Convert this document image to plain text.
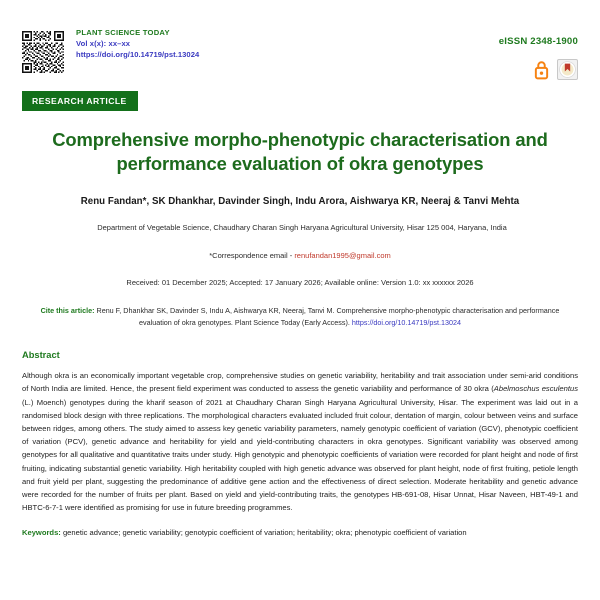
PLANT SCIENCE TODAY
Vol x(x): xx–xx
https://doi.org/10.14719/pst.13024
eISSN 2348-1900
RESEARCH ARTICLE
Comprehensive morpho-phenotypic characterisation and performance evaluation of okra genotypes
Renu Fandan*, SK Dhankhar, Davinder Singh, Indu Arora, Aishwarya KR, Neeraj & Tanvi Mehta
Department of Vegetable Science, Chaudhary Charan Singh Haryana Agricultural University, Hisar 125 004, Haryana, India
*Correspondence email - renufandan1995@gmail.com
Received: 01 December 2025; Accepted: 17 January 2026; Available online: Version 1.0: xx xxxxxx 2026
Cite this article: Renu F, Dhankhar SK, Davinder S, Indu A, Aishwarya KR, Neeraj, Tanvi M. Comprehensive morpho-phenotypic characterisation and performance evaluation of okra genotypes. Plant Science Today (Early Access). https://doi.org/10.14719/pst.13024
Abstract
Although okra is an economically important vegetable crop, comprehensive studies on genetic variability, heritability and trait association under semi-arid conditions of North India are limited. Hence, the present field experiment was conducted to assess the genetic variability and performance of 30 okra (Abelmoschus esculentus (L.) Moench) genotypes during the kharif season of 2021 at Chaudhary Charan Singh Haryana Agricultural University, Hisar. The experiment was laid out in a randomised block design with three replications. The morphological characters evaluated included fruit colour, dentation of margin, colour between veins and surface between ridges, among others. The study aimed to assess key genetic variability parameters, namely genotypic coefficient of variation (GCV), phenotypic coefficient of variation (PCV), genetic advance and heritability for yield and yield-contributing characters in okra genotypes. Significant variability was observed among genotypes for all qualitative and quantitative traits under study. High genotypic and phenotypic coefficients of variation were recorded for plant height and node of first fruiting, indicating substantial genetic variability. High heritability coupled with high genetic advance was observed for plant height, node of first fruiting, petiole length and fruit yield per plant, suggesting the predominance of additive gene action and the effectiveness of direct selection. Moderate heritability and genetic advance were recorded for the number of fruits per plant. Based on yield and yield-contributing traits, the genotypes HB-691-08, Hisar Unnat, Hisar Naveen, HBT-49-1 and HBTC-6-7-1 were identified as promising for use in future breeding programmes.
Keywords: genetic advance; genetic variability; genotypic coefficient of variation; heritability; okra; phenotypic coefficient of variation
